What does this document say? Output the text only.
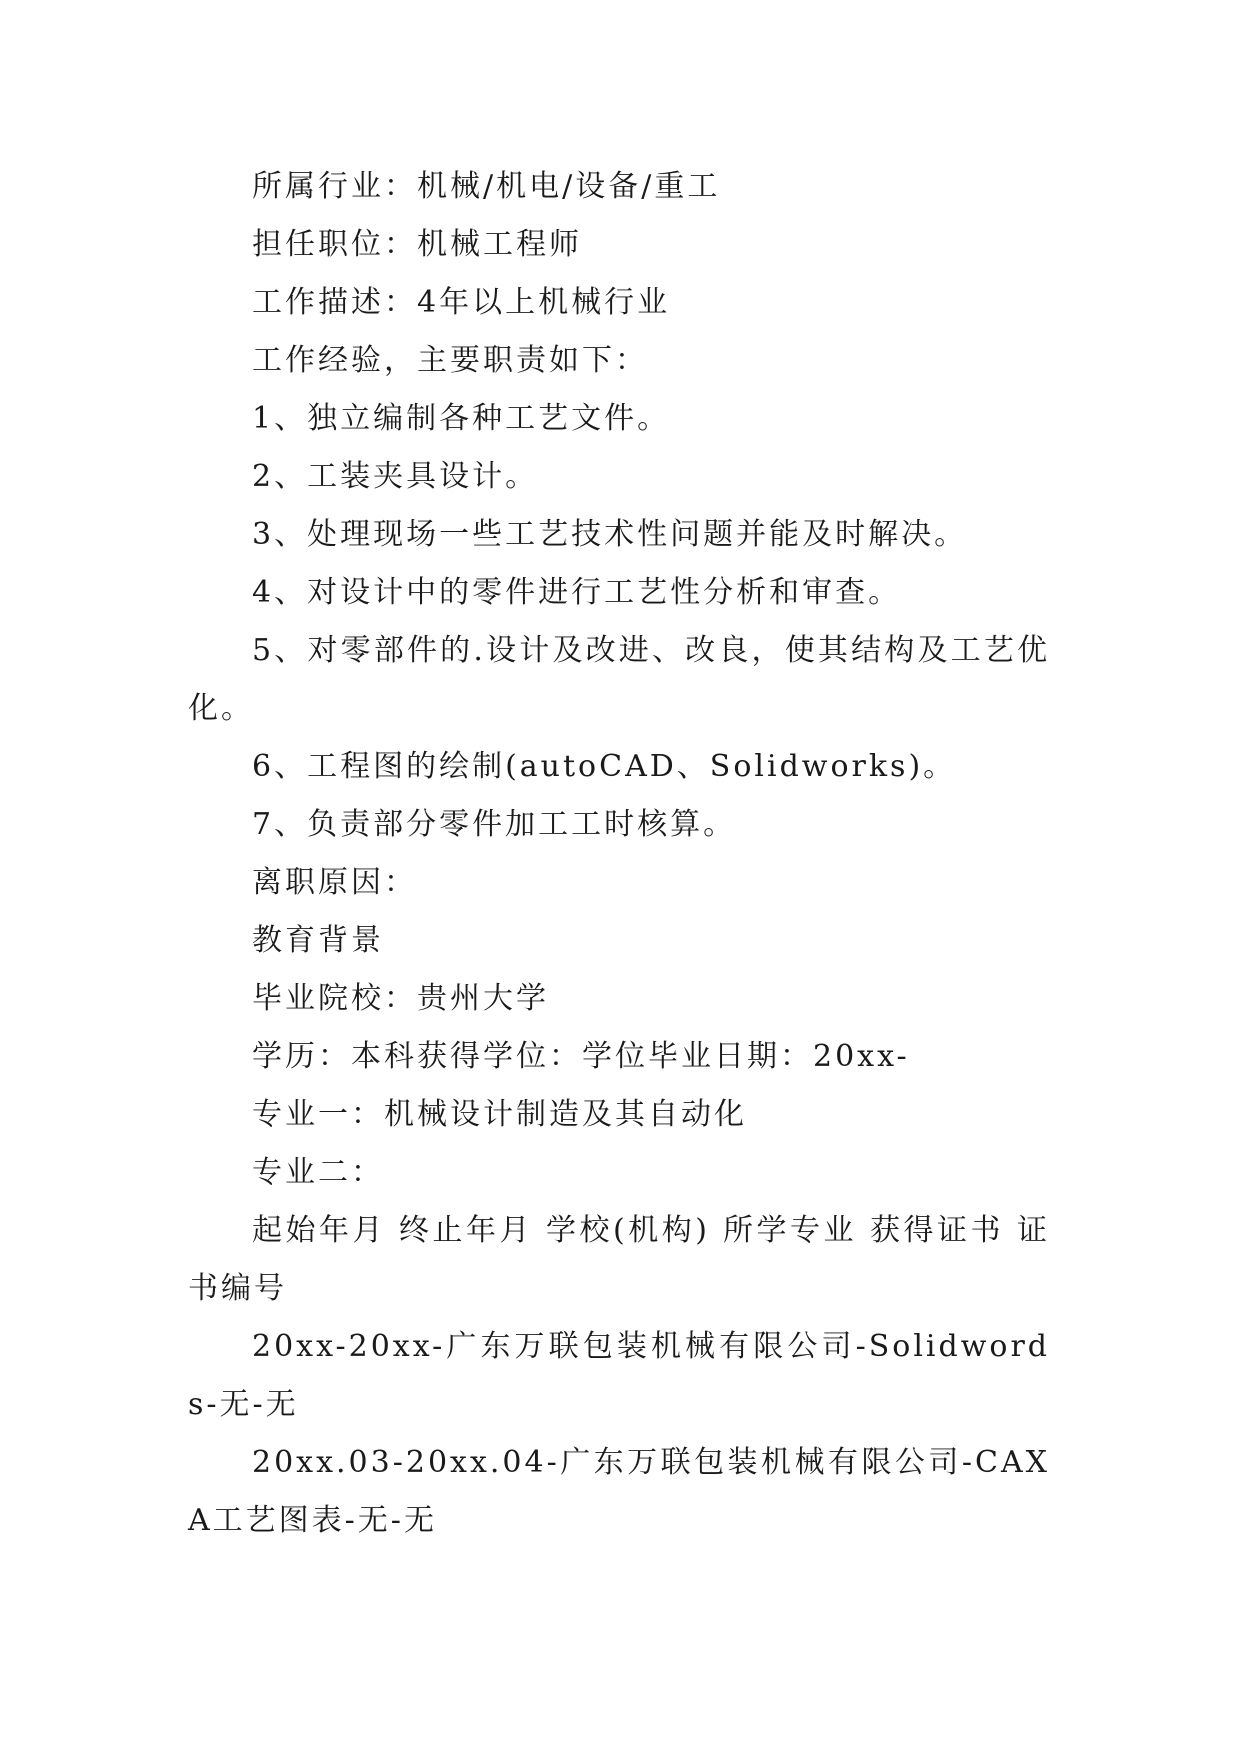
所属行业：机械/机电/设备/重工

担任职位：机械工程师

工作描述：4年以上机械行业

工作经验，主要职责如下：

1、独立编制各种工艺文件。

2、工装夹具设计。

3、处理现场一些工艺技术性问题并能及时解决。

4、对设计中的零件进行工艺性分析和审查。

5、对零部件的.设计及改进、改良，使其结构及工艺优化。

6、工程图的绘制(autoCAD、Solidworks)。

7、负责部分零件加工工时核算。

离职原因：

教育背景

毕业院校：贵州大学

学历：本科获得学位：学位毕业日期：20xx-

专业一：机械设计制造及其自动化

专业二：

起始年月 终止年月 学校(机构) 所学专业 获得证书 证书编号

20xx-20xx-广东万联包装机械有限公司-Solidwords-无-无

20xx.03-20xx.04-广东万联包装机械有限公司-CAXA工艺图表-无-无
